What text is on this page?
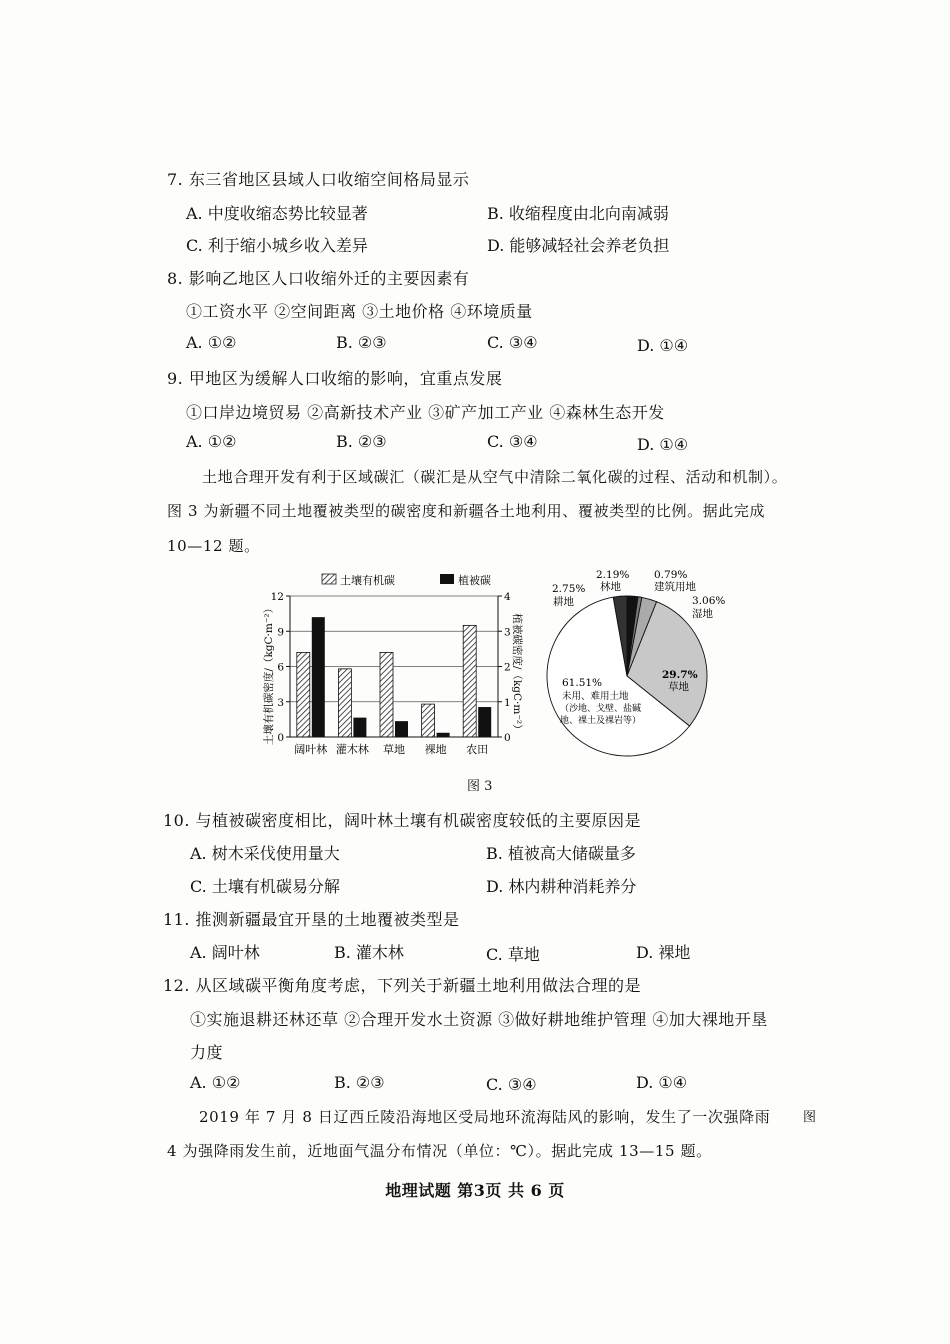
7. 东三省地区县域人口收缩空间格局显示
A. 中度收缩态势比较显著	B. 收缩程度由北向南减弱
C. 利于缩小城乡收入差异	D. 能够减轻社会养老负担
8. 影响乙地区人口收缩外迁的主要因素有
①工资水平 ②空间距离 ③土地价格 ④环境质量
A. ①②	B. ②③	C. ③④	D. ①④
9. 甲地区为缓解人口收缩的影响，宜重点发展
①口岸边境贸易 ②高新技术产业 ③矿产加工产业 ④森林生态开发
A. ①②	B. ②③	C. ③④	D. ①④
土地合理开发有利于区域碳汇（碳汇是从空气中清除二氧化碳的过程、活动和机制）。
图 3 为新疆不同土地覆被类型的碳密度和新疆各土地利用、覆被类型的比例。据此完成
10—12 题。
土壤有机碳	植被碳
土壤有机碳密度/（kgC·m⁻²）	植被碳密度/（kgC·m⁻²）
0
3
6
9
12
0
1
2
3
4
阔叶林 灌木林 草地 裸地 农田
2.19%
林地
0.79%
建筑用地
3.06%
湿地
29.7%
草地
2.75%
耕地
61.51%
未用、难用土地
（沙地、戈壁、盐碱
地、裸土及裸岩等）
图 3
10. 与植被碳密度相比，阔叶林土壤有机碳密度较低的主要原因是
A. 树木采伐使用量大	B. 植被高大储碳量多
C. 土壤有机碳易分解	D. 林内耕种消耗养分
11. 推测新疆最宜开垦的土地覆被类型是
A. 阔叶林	B. 灌木林	C. 草地	D. 裸地
12. 从区域碳平衡角度考虑，下列关于新疆土地利用做法合理的是
①实施退耕还林还草 ②合理开发水土资源 ③做好耕地维护管理 ④加大裸地开垦
力度
A. ①②	B. ②③	C. ③④	D. ①④
2019 年 7 月 8 日辽西丘陵沿海地区受局地环流海陆风的影响，发生了一次强降雨	图
4 为强降雨发生前，近地面气温分布情况（单位：℃）。据此完成 13—15 题。
地理试题 第3页 共 6 页
